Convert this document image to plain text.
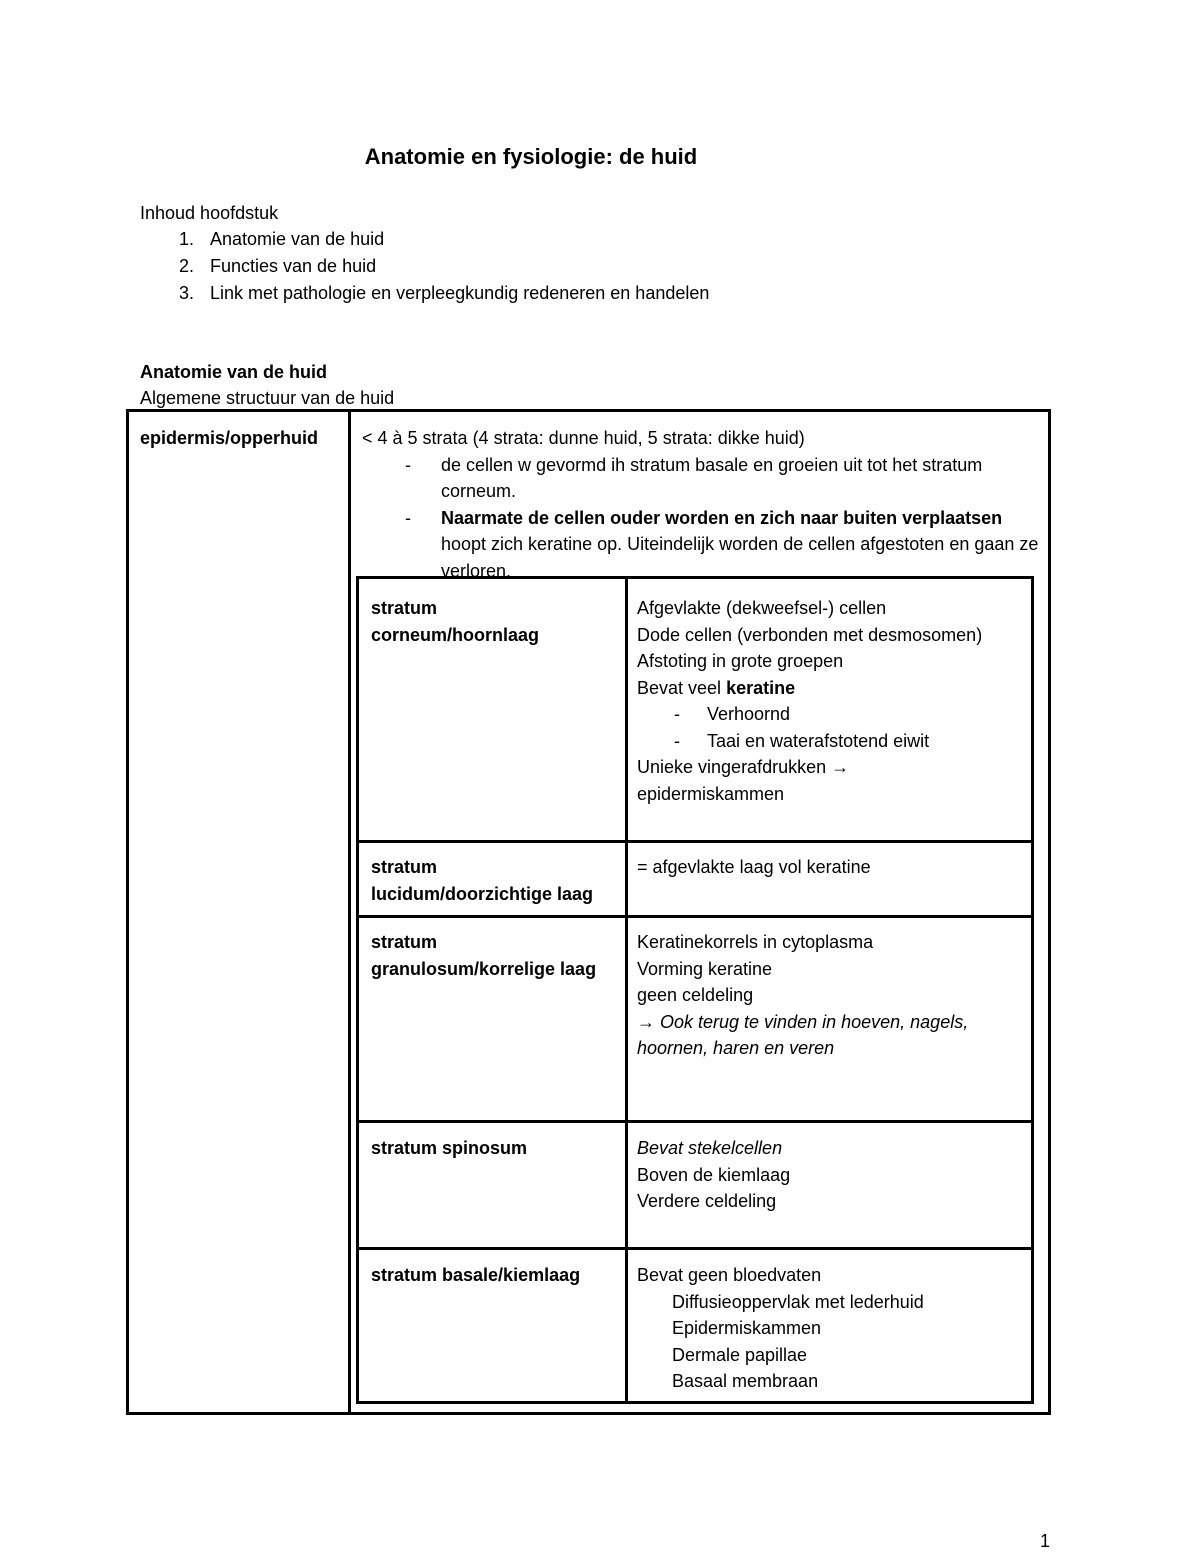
Anatomie en fysiologie: de huid
Inhoud hoofdstuk
1. Anatomie van de huid
2. Functies van de huid
3. Link met pathologie en verpleegkundig redeneren en handelen
Anatomie van de huid
Algemene structuur van de huid
epidermis/opperhuid < 4 à 5 strata (4 strata: dunne huid, 5 strata: dikke huid)
- de cellen w gevormd ih stratum basale en groeien uit tot het stratum corneum.
- Naarmate de cellen ouder worden en zich naar buiten verplaatsen hoopt zich keratine op. Uiteindelijk worden de cellen afgestoten en gaan ze verloren.
stratum
corneum/hoornlaag
Afgevlakte (dekweefsel-) cellen
Dode cellen (verbonden met desmosomen)
Afstoting in grote groepen
Bevat veel keratine
- Verhoornd
- Taai en waterafstotend eiwit
Unieke vingerafdrukken →
epidermiskammen
stratum
lucidum/doorzichtige laag
= afgevlakte laag vol keratine
stratum
granulosum/korrelige laag
Keratinekorrels in cytoplasma
Vorming keratine
geen celdeling
→ Ook terug te vinden in hoeven, nagels,
hoornen, haren en veren
stratum spinosum	Bevat stekelcellen
Boven de kiemlaag
Verdere celdeling
stratum basale/kiemlaag	Bevat geen bloedvaten
Diffusieoppervlak met lederhuid
Epidermiskammen
Dermale papillae
Basaal membraan
1
